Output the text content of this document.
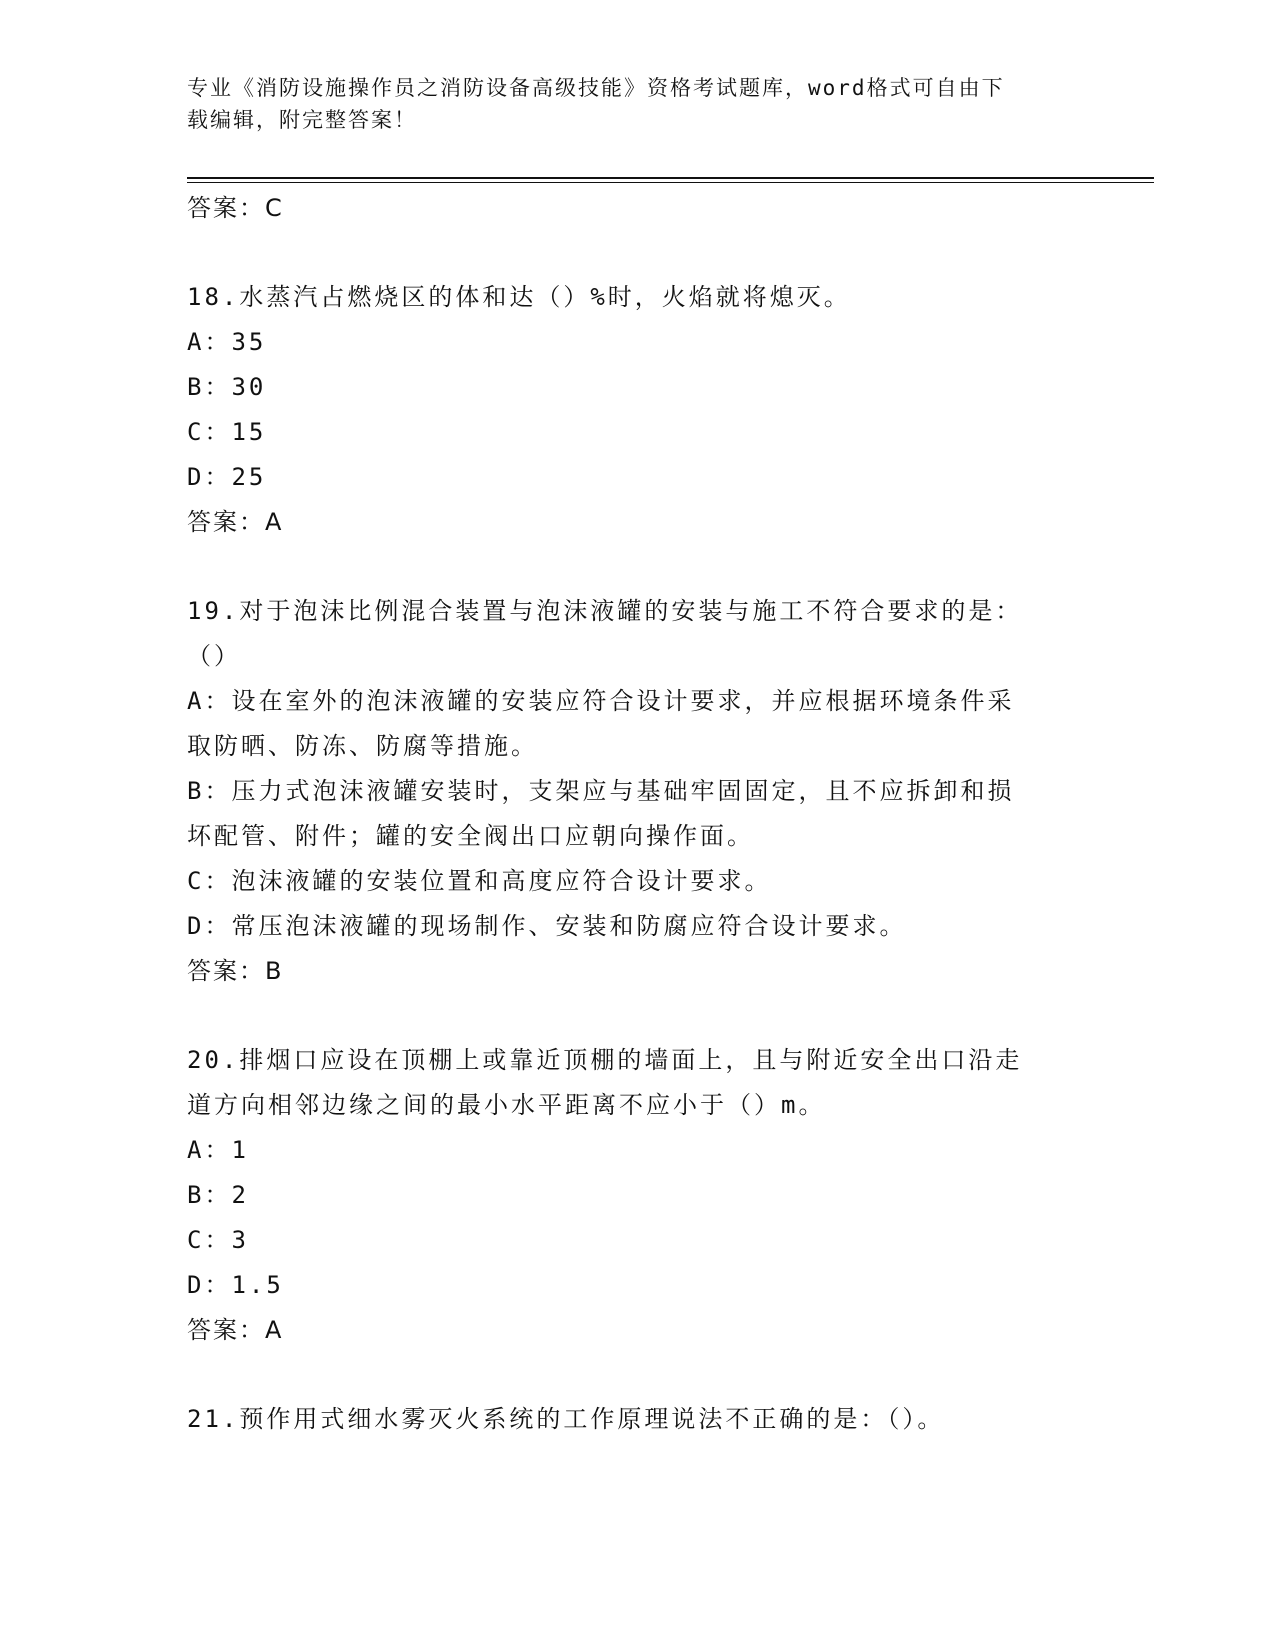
专业《消防设施操作员之消防设备高级技能》资格考试题库，word格式可自由下
载编辑，附完整答案！

答案：C

18.水蒸汽占燃烧区的体和达（）%时，火焰就将熄灭。

A：35

B：30

C：15

D：25

答案：A

19.对于泡沫比例混合装置与泡沫液罐的安装与施工不符合要求的是：

（）

A：设在室外的泡沫液罐的安装应符合设计要求，并应根据环境条件采

取防晒、防冻、防腐等措施。

B：压力式泡沫液罐安装时，支架应与基础牢固固定，且不应拆卸和损

坏配管、附件；罐的安全阀出口应朝向操作面。

C：泡沫液罐的安装位置和高度应符合设计要求。

D：常压泡沫液罐的现场制作、安装和防腐应符合设计要求。

答案：B

20.排烟口应设在顶棚上或靠近顶棚的墙面上，且与附近安全出口沿走

道方向相邻边缘之间的最小水平距离不应小于（）m。

A：1

B：2

C：3

D：1.5

答案：A

21.预作用式细水雾灭火系统的工作原理说法不正确的是：（）。
